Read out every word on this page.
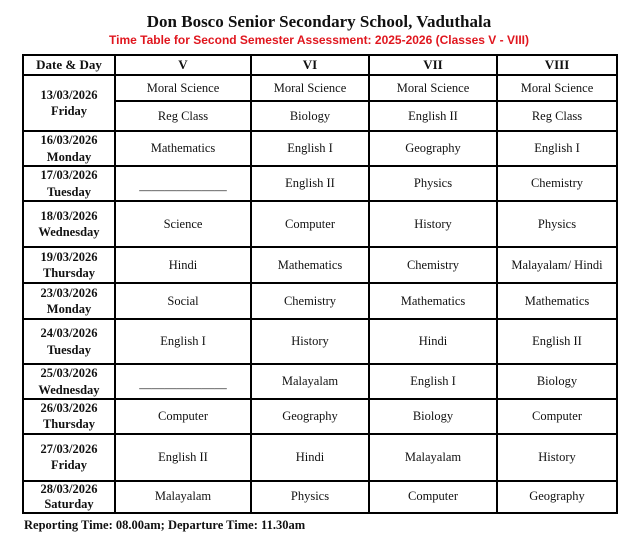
Don Bosco Senior Secondary School, Vaduthala
Time Table for Second Semester Assessment: 2025-2026 (Classes V - VIII)
Date & Day	V	VI	VII	VIII

13/03/2026
Friday	Moral Science	Moral Science	Moral Science	Moral Science
	Reg Class	Biology	English II	Reg Class

16/03/2026
Monday	Mathematics	English I	Geography	English I

17/03/2026
Tuesday	———————	English II	Physics	Chemistry

18/03/2026
Wednesday	Science	Computer	History	Physics

19/03/2026
Thursday	Hindi	Mathematics	Chemistry	Malayalam/ Hindi

23/03/2026
Monday	Social	Chemistry	Mathematics	Mathematics

24/03/2026
Tuesday	English I	History	Hindi	English II

25/03/2026
Wednesday	———————	Malayalam	English I	Biology

26/03/2026
Thursday	Computer	Geography	Biology	Computer

27/03/2026
Friday	English II	Hindi	Malayalam	History

28/03/2026
Saturday	Malayalam	Physics	Computer	Geography
Reporting Time: 08.00am; Departure Time: 11.30am
